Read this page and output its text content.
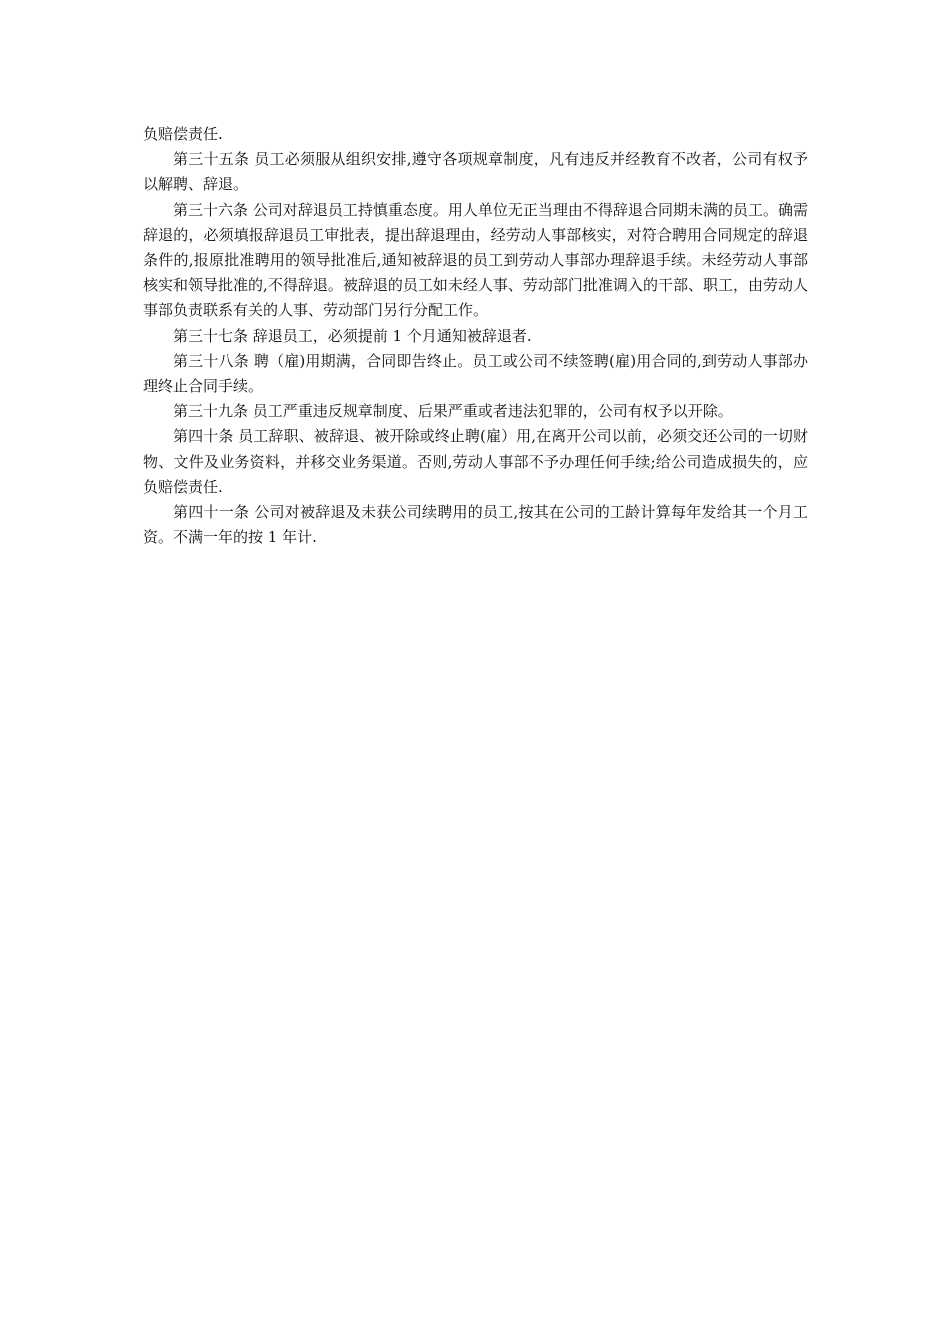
负赔偿责任.

第三十五条 员工必须服从组织安排,遵守各项规章制度，凡有违反并经教育不改者，公司有权予以解聘、辞退。

第三十六条 公司对辞退员工持慎重态度。用人单位无正当理由不得辞退合同期未满的员工。确需辞退的，必须填报辞退员工审批表，提出辞退理由，经劳动人事部核实，对符合聘用合同规定的辞退条件的,报原批准聘用的领导批准后,通知被辞退的员工到劳动人事部办理辞退手续。未经劳动人事部核实和领导批准的,不得辞退。被辞退的员工如未经人事、劳动部门批准调入的干部、职工，由劳动人事部负责联系有关的人事、劳动部门另行分配工作。

第三十七条 辞退员工，必须提前 1 个月通知被辞退者.

第三十八条 聘（雇)用期满，合同即告终止。员工或公司不续签聘(雇)用合同的,到劳动人事部办理终止合同手续。

第三十九条 员工严重违反规章制度、后果严重或者违法犯罪的，公司有权予以开除。

第四十条 员工辞职、被辞退、被开除或终止聘(雇）用,在离开公司以前，必须交还公司的一切财物、文件及业务资料，并移交业务渠道。否则,劳动人事部不予办理任何手续;给公司造成损失的，应负赔偿责任.

第四十一条 公司对被辞退及未获公司续聘用的员工,按其在公司的工龄计算每年发给其一个月工资。不满一年的按 1 年计.
